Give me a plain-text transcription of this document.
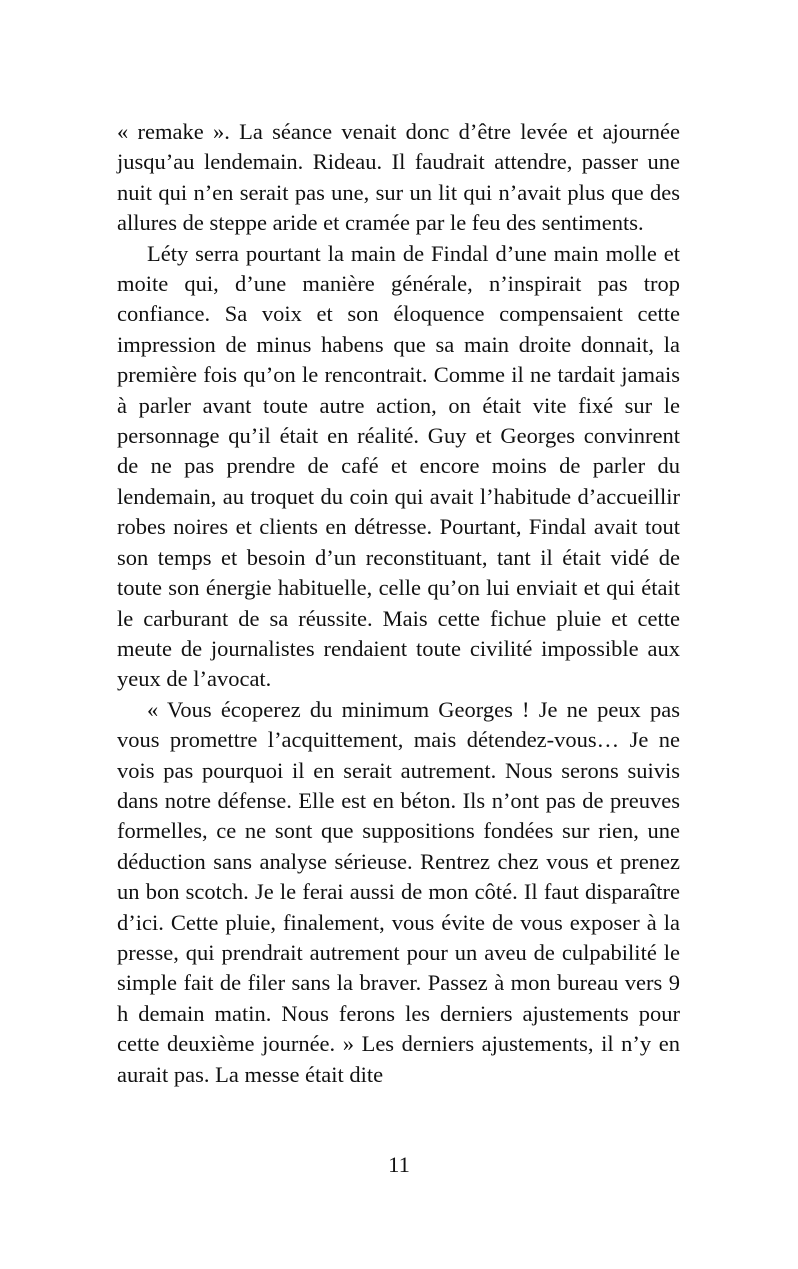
« remake ». La séance venait donc d’être levée et ajournée jusqu’au lendemain. Rideau. Il faudrait attendre, passer une nuit qui n’en serait pas une, sur un lit qui n’avait plus que des allures de steppe aride et cramée par le feu des sentiments.

Léty serra pourtant la main de Findal d’une main molle et moite qui, d’une manière générale, n’inspirait pas trop confiance. Sa voix et son éloquence compensaient cette impression de minus habens que sa main droite donnait, la première fois qu’on le rencontrait. Comme il ne tardait jamais à parler avant toute autre action, on était vite fixé sur le personnage qu’il était en réalité. Guy et Georges convinrent de ne pas prendre de café et encore moins de parler du lendemain, au troquet du coin qui avait l’habitude d’accueillir robes noires et clients en détresse. Pourtant, Findal avait tout son temps et besoin d’un reconstituant, tant il était vidé de toute son énergie habituelle, celle qu’on lui enviait et qui était le carburant de sa réussite. Mais cette fichue pluie et cette meute de journalistes rendaient toute civilité impossible aux yeux de l’avocat.

« Vous écoperez du minimum Georges ! Je ne peux pas vous promettre l’acquittement, mais détendez-vous… Je ne vois pas pourquoi il en serait autrement. Nous serons suivis dans notre défense. Elle est en béton. Ils n’ont pas de preuves formelles, ce ne sont que suppositions fondées sur rien, une déduction sans analyse sérieuse. Rentrez chez vous et prenez un bon scotch. Je le ferai aussi de mon côté. Il faut disparaître d’ici. Cette pluie, finalement, vous évite de vous exposer à la presse, qui prendrait autrement pour un aveu de culpabilité le simple fait de filer sans la braver. Passez à mon bureau vers 9 h demain matin. Nous ferons les derniers ajustements pour cette deuxième journée. » Les derniers ajustements, il n’y en aurait pas. La messe était dite

11
